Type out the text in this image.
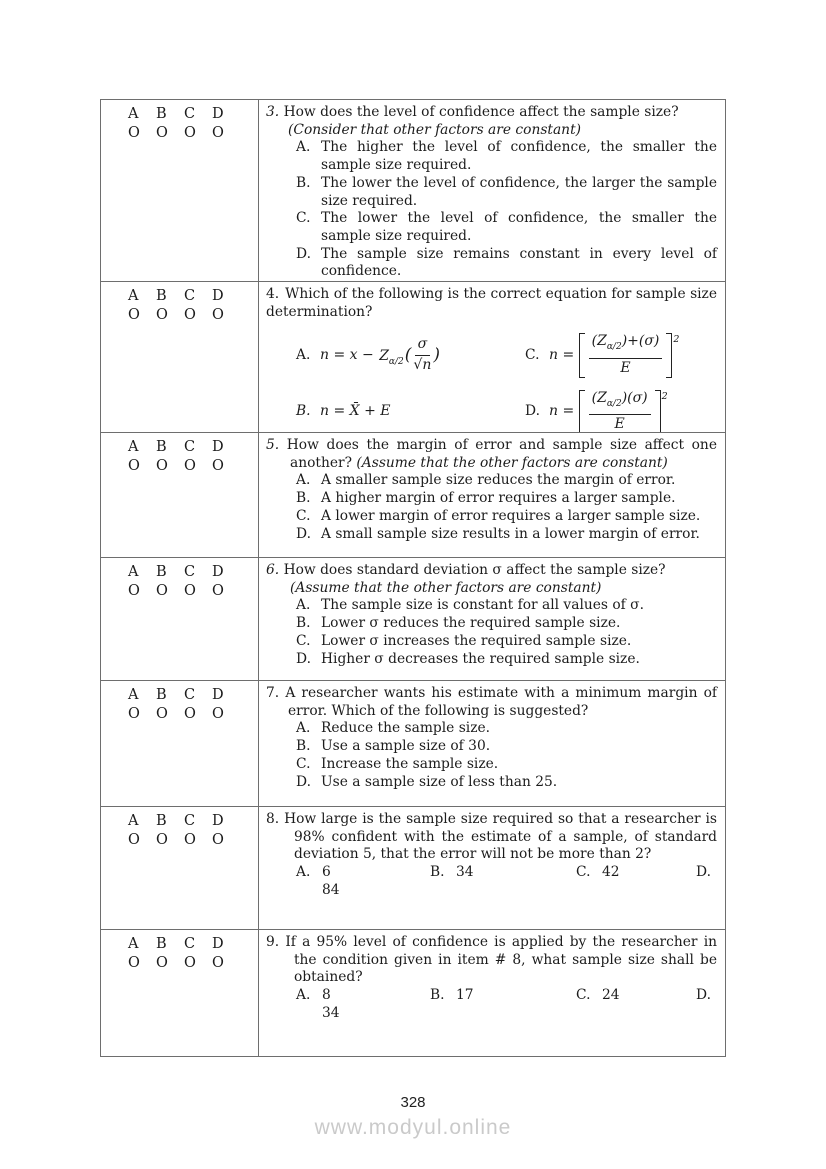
A	B	C	D
O	O	O	O
3. How does the level of confidence affect the sample size?
(Consider that other factors are constant)
A. The higher the level of confidence, the smaller the sample size required.
B. The lower the level of confidence, the larger the sample size required.
C. The lower the level of confidence, the smaller the sample size required.
D. The sample size remains constant in every level of confidence.
A	B	C	D
O	O	O	O
4. Which of the following is the correct equation for sample size determination?
A. n = x −
$Z_{\alpha/2}$ ( $\frac{\sigma}{√n}$ )	C. n =
$\frac{(Z_{\alpha/2})+(\sigma)}{E} 2$
B. n = X̄ + E	D. n =
$\frac{(Z_{\alpha/2})(\sigma)}{E} 2$
A	B	C	D
O	O	O	O
5. How does the margin of error and sample size affect one another? (Assume that the other factors are constant)
A. A smaller sample size reduces the margin of error.
B. A higher margin of error requires a larger sample.
C. A lower margin of error requires a larger sample size.
D. A small sample size results in a lower margin of error.
A	B	C	D
O	O	O	O
6. How does standard deviation σ affect the sample size?
(Assume that the other factors are constant)
A. The sample size is constant for all values of σ.
B. Lower σ reduces the required sample size.
C. Lower σ increases the required sample size.
D. Higher σ decreases the required sample size.
A	B	C	D
O	O	O	O
7. A researcher wants his estimate with a minimum margin of error. Which of the following is suggested?
A. Reduce the sample size.
B. Use a sample size of 30.
C. Increase the sample size.
D. Use a sample size of less than 25.
A	B	C	D
O	O	O	O
8. How large is the sample size required so that a researcher is 98% confident with the estimate of a sample, of standard deviation 5, that the error will not be more than 2?
A. 6	B. 34	C. 42	D.
84
A	B	C	D
O	O	O	O
9. If a 95% level of confidence is applied by the researcher in the condition given in item # 8, what sample size shall be obtained?
A. 8	B. 17	C. 24	D.
34
328
www.modyul.online
